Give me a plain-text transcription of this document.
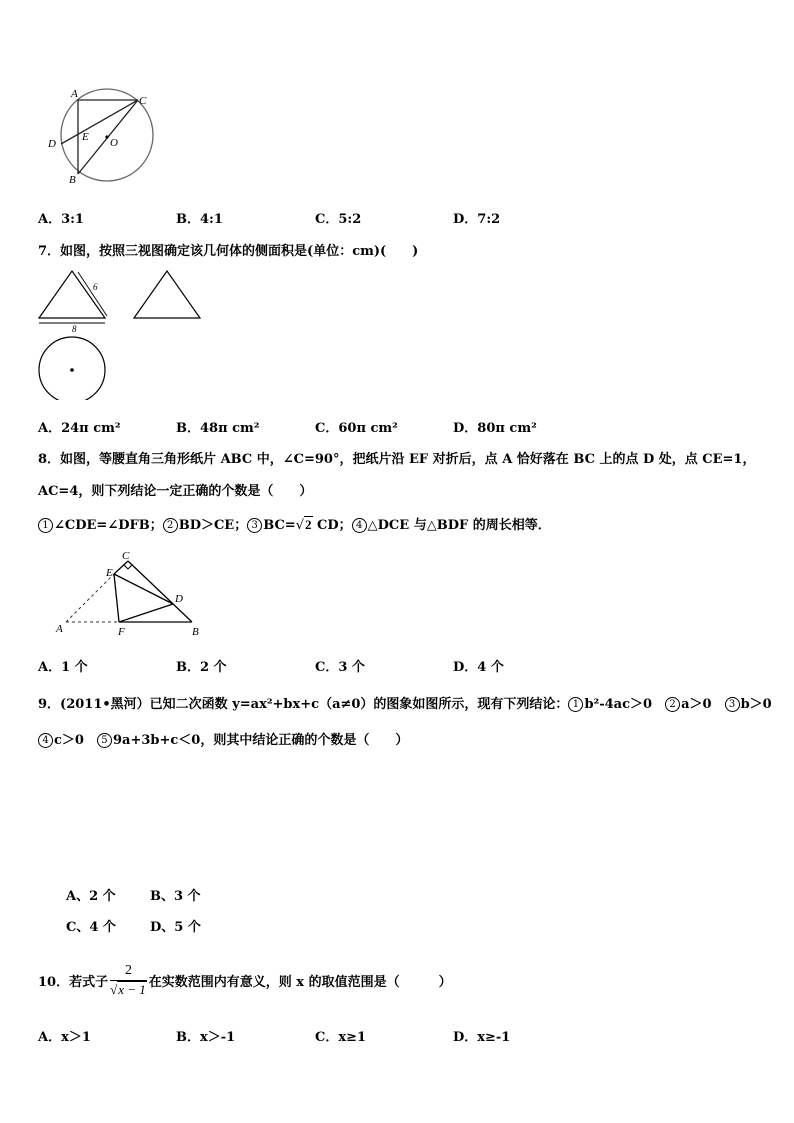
A
C
D
E O
B
A．3:1	B．4:1	C．5:2	D．7:2
7．如图，按照三视图确定该几何体的侧面积是(单位：cm)(　　)
6
8
A．24π cm²	B．48π cm²	C．60π cm²	D．80π cm²
8．如图，等腰直角三角形纸片 ABC 中，∠C=90°，把纸片沿 EF 对折后，点 A 恰好落在 BC 上的点 D 处，点 CE=1，
AC=4，则下列结论一定正确的个数是（　　）
1 ∠CDE=∠DFB； 2 BD＞CE； 3 BC=√2 CD； 4 △DCE 与△BDF 的周长相等．
C
E
D
A	F	B
A．1 个	B．2 个	C．3 个	D．4 个
9．(2011•黑河）已知二次函数 y=ax²+bx+c（a≠0）的图象如图所示，现有下列结论： 1 b²-4ac＞0　 2 a＞0　 3 b＞0
4 c＞0　 5 9a+3b+c＜0，则其中结论正确的个数是（　　）
A、2 个	B、3 个
C、4 个	D、5 个
10．若式子 $\frac{2}{√x - 1}$ 在实数范围内有意义，则 x 的取值范围是（　　　）
A．x＞1	B．x＞-1	C．x≥1	D．x≥-1
